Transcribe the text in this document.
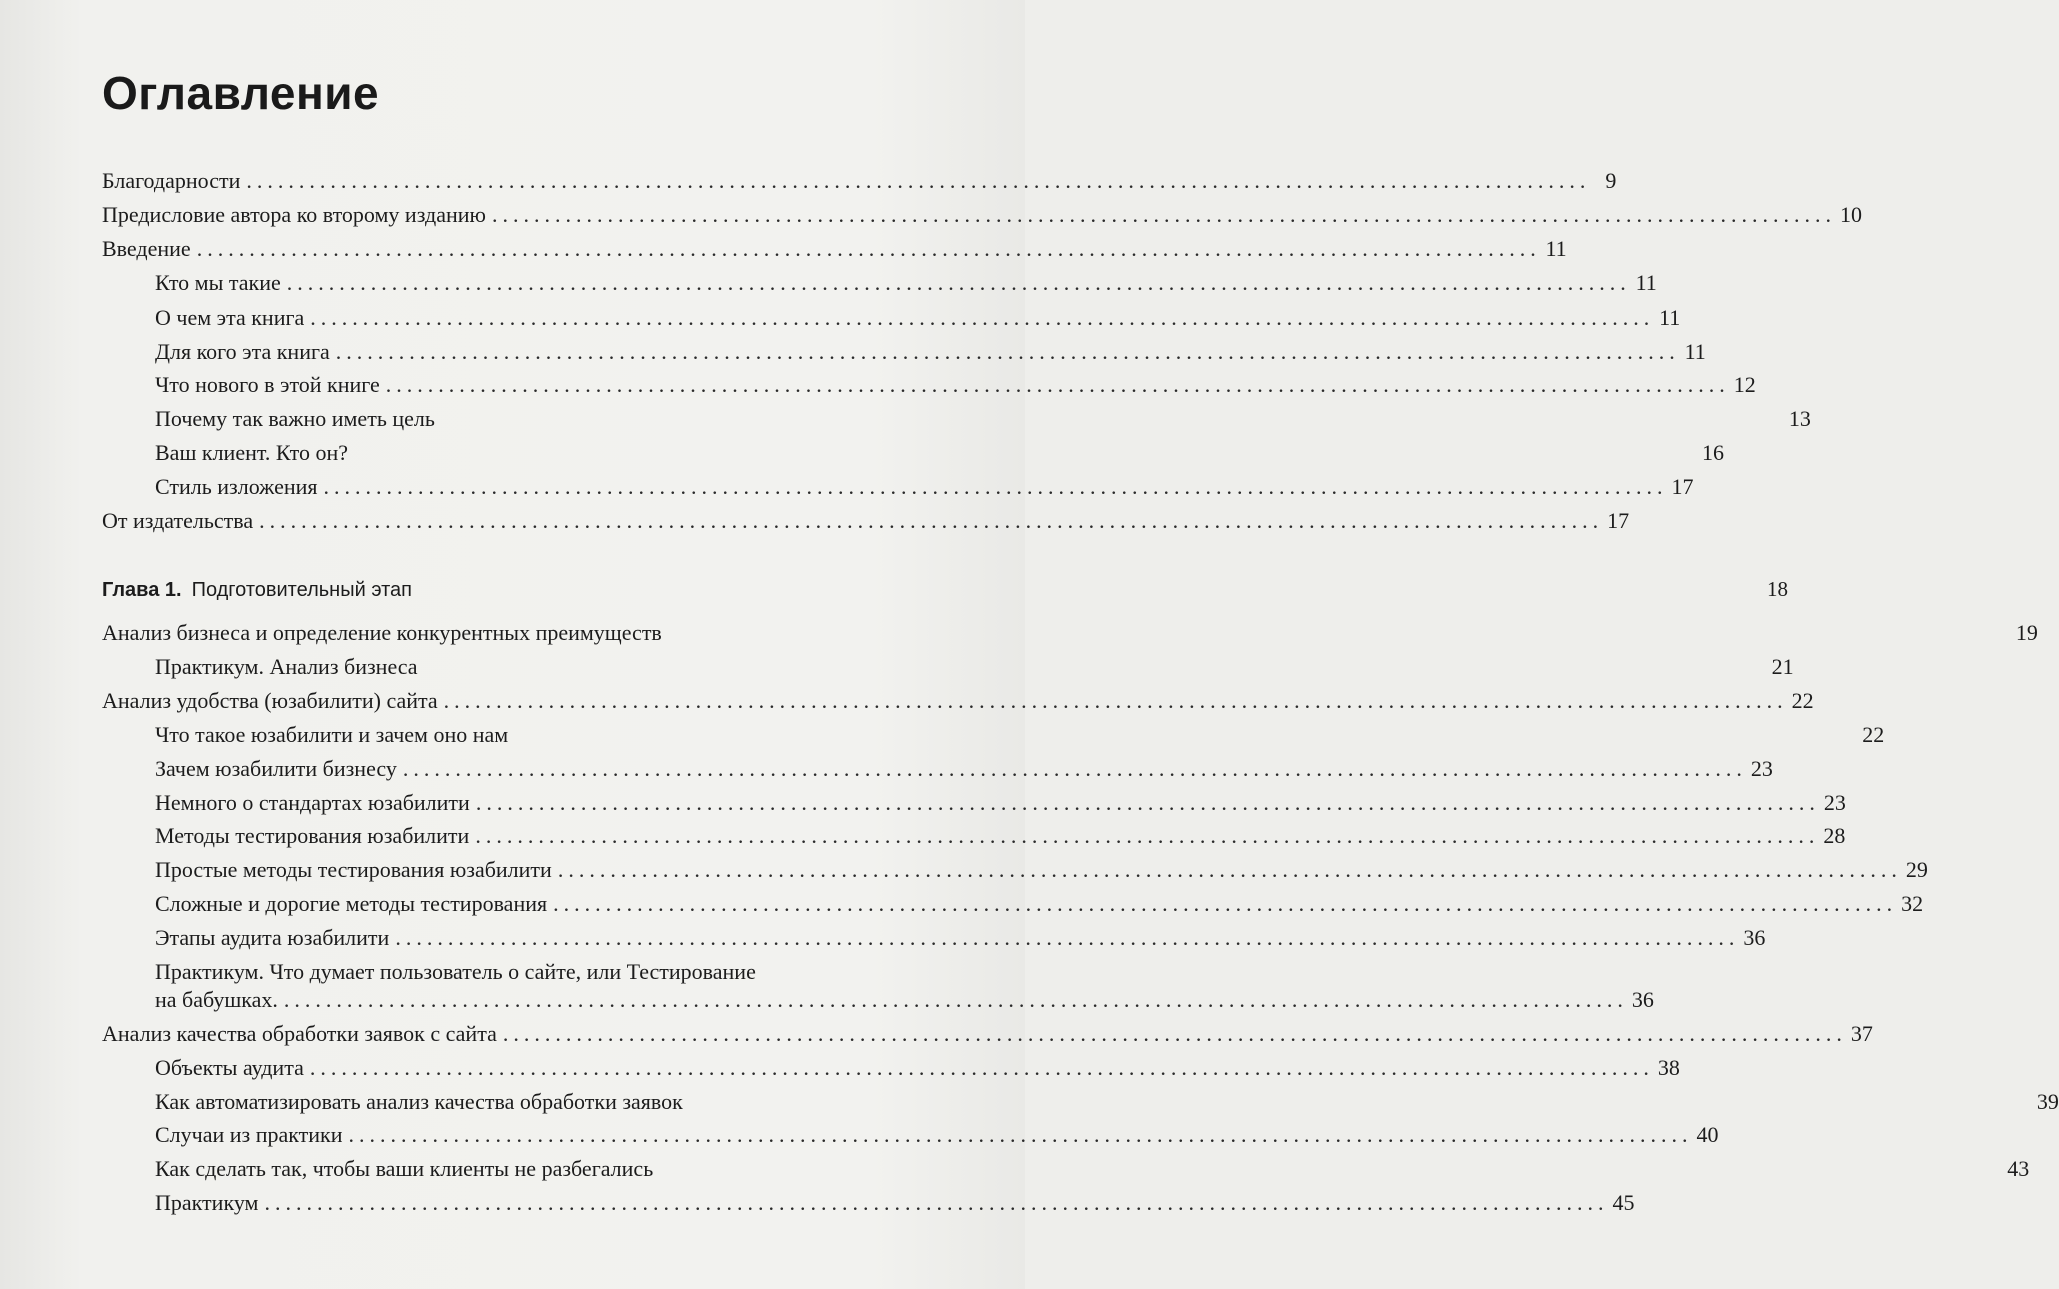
Оглавление
Благодарности ................................................................................................................................ 9
Предисловие автора ко второму изданию ................................................................................................................................ 10
Введение ................................................................................................................................ 11
Кто мы такие ................................................................................................................................ 11
О чем эта книга ................................................................................................................................ 11
Для кого эта книга ................................................................................................................................ 11
Что нового в этой книге ................................................................................................................................ 12
Почему так важно иметь цель	13
Ваш клиент. Кто он?	16
Стиль изложения ................................................................................................................................ 17
От издательства ................................................................................................................................ 17
Глава 1. Подготовительный этап	18
Анализ бизнеса и определение конкурентных преимуществ	19
Практикум. Анализ бизнеса	21
Анализ удобства (юзабилити) сайта ................................................................................................................................ 22
Что такое юзабилити и зачем оно нам	22
Зачем юзабилити бизнесу ................................................................................................................................ 23
Немного о стандартах юзабилити ................................................................................................................................ 23
Методы тестирования юзабилити ................................................................................................................................ 28
Простые методы тестирования юзабилити ................................................................................................................................ 29
Сложные и дорогие методы тестирования ................................................................................................................................ 32
Этапы аудита юзабилити ................................................................................................................................ 36
Практикум. Что думает пользователь о сайте, или Тестирование
на бабушках. ................................................................................................................................ 36
Анализ качества обработки заявок с сайта ................................................................................................................................ 37
Объекты аудита ................................................................................................................................ 38
Как автоматизировать анализ качества обработки заявок	39
Случаи из практики ................................................................................................................................ 40
Как сделать так, чтобы ваши клиенты не разбегались	43
Практикум ................................................................................................................................ 45
